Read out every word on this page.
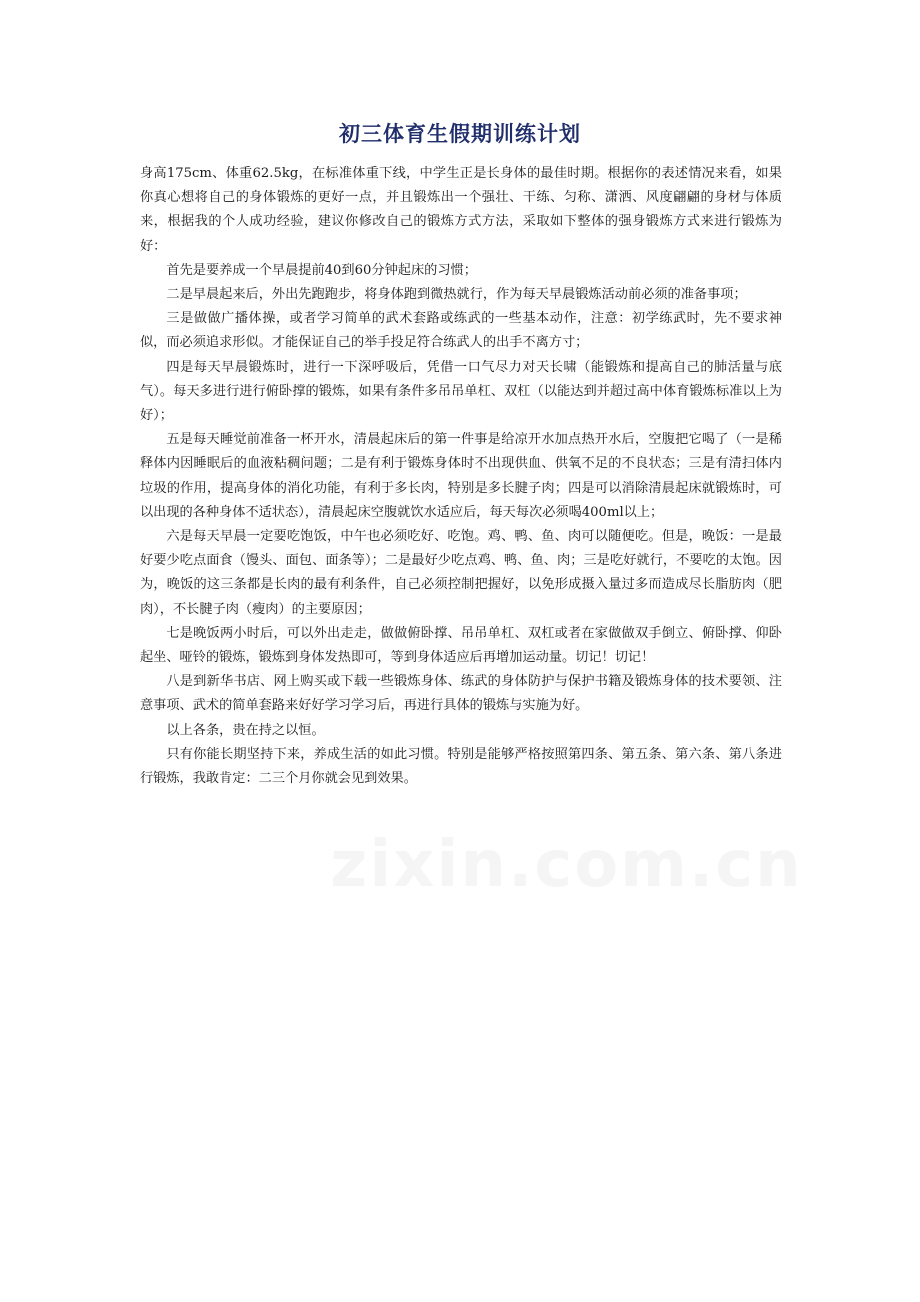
初三体育生假期训练计划

身高175cm、体重62.5kg，在标准体重下线，中学生正是长身体的最佳时期。根据你的表述情况来看，如果你真心想将自己的身体锻炼的更好一点，并且锻炼出一个强壮、干练、匀称、潇洒、风度翩翩的身材与体质来，根据我的个人成功经验，建议你修改自己的锻炼方式方法，采取如下整体的强身锻炼方式来进行锻炼为好：

首先是要养成一个早晨提前40到60分钟起床的习惯；

二是早晨起来后，外出先跑跑步，将身体跑到微热就行，作为每天早晨锻炼活动前必须的准备事项；

三是做做广播体操，或者学习简单的武术套路或练武的一些基本动作，注意：初学练武时，先不要求神似，而必须追求形似。才能保证自己的举手投足符合练武人的出手不离方寸；

四是每天早晨锻炼时，进行一下深呼吸后，凭借一口气尽力对天长啸（能锻炼和提高自己的肺活量与底气）。每天多进行进行俯卧撑的锻炼，如果有条件多吊吊单杠、双杠（以能达到并超过高中体育锻炼标准以上为好）；

五是每天睡觉前准备一杯开水，清晨起床后的第一件事是给凉开水加点热开水后，空腹把它喝了（一是稀释体内因睡眠后的血液粘稠问题；二是有利于锻炼身体时不出现供血、供氧不足的不良状态；三是有清扫体内垃圾的作用，提高身体的消化功能，有利于多长肉，特别是多长腱子肉；四是可以消除清晨起床就锻炼时，可以出现的各种身体不适状态），清晨起床空腹就饮水适应后，每天每次必须喝400ml以上；

六是每天早晨一定要吃饱饭，中午也必须吃好、吃饱。鸡、鸭、鱼、肉可以随便吃。但是，晚饭：一是最好要少吃点面食（馒头、面包、面条等）；二是最好少吃点鸡、鸭、鱼、肉；三是吃好就行，不要吃的太饱。因为，晚饭的这三条都是长肉的最有利条件，自己必须控制把握好，以免形成摄入量过多而造成尽长脂肪肉（肥肉），不长腱子肉（瘦肉）的主要原因；

七是晚饭两小时后，可以外出走走，做做俯卧撑、吊吊单杠、双杠或者在家做做双手倒立、俯卧撑、仰卧起坐、哑铃的锻炼，锻炼到身体发热即可，等到身体适应后再增加运动量。切记！切记！

八是到新华书店、网上购买或下载一些锻炼身体、练武的身体防护与保护书籍及锻炼身体的技术要领、注意事项、武术的简单套路来好好学习学习后，再进行具体的锻炼与实施为好。

以上各条，贵在持之以恒。

只有你能长期坚持下来，养成生活的如此习惯。特别是能够严格按照第四条、第五条、第六条、第八条进行锻炼，我敢肯定：二三个月你就会见到效果。

zixin.com.cn
